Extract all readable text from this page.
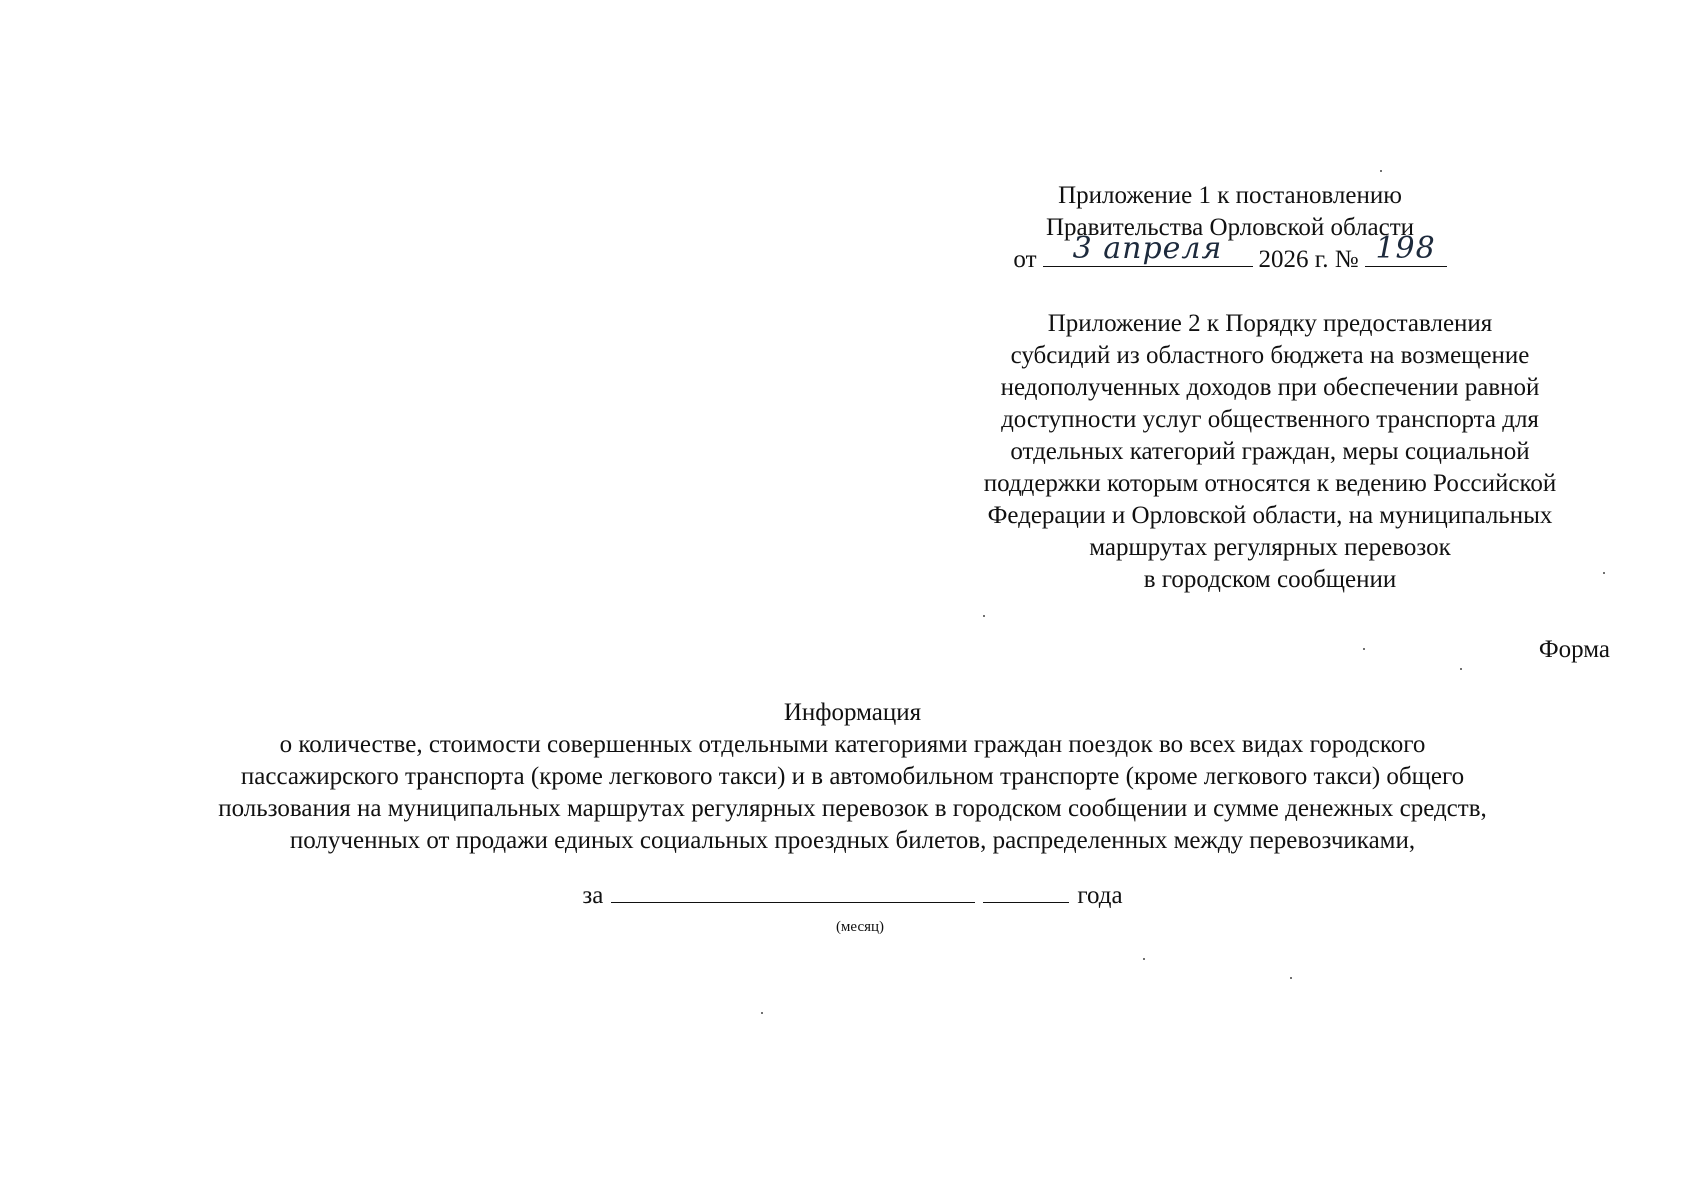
Приложение 1 к постановлению
Правительства Орловской области
от	3 апреля	2026 г. № 198
Приложение 2 к Порядку предоставления
субсидий из областного бюджета на возмещение
недополученных доходов при обеспечении равной
доступности услуг общественного транспорта для
отдельных категорий граждан, меры социальной
поддержки которым относятся к ведению Российской
Федерации и Орловской области, на муниципальных
маршрутах регулярных перевозок
в городском сообщении
Форма
Информация
о количестве, стоимости совершенных отдельными категориями граждан поездок во всех видах городского
пассажирского транспорта (кроме легкового такси) и в автомобильном транспорте (кроме легкового такси) общего
пользования на муниципальных маршрутах регулярных перевозок в городском сообщении и сумме денежных средств,
полученных от продажи единых социальных проездных билетов, распределенных между перевозчиками,
за	года
(месяц)
